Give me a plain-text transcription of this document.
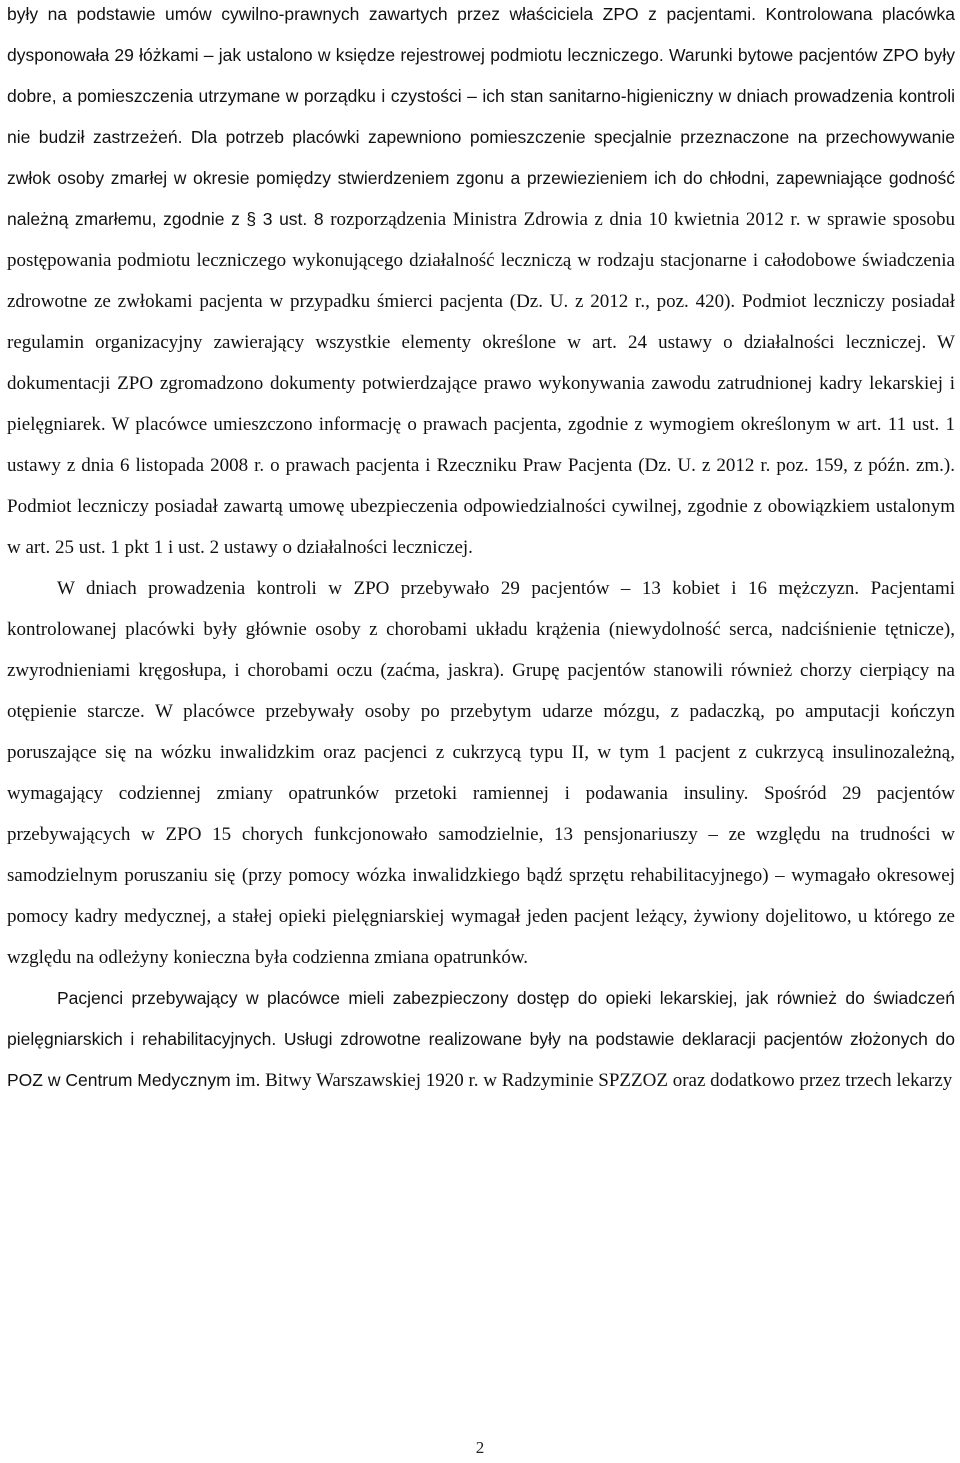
były na podstawie umów cywilno-prawnych zawartych przez właściciela ZPO z pacjentami. Kontrolowana placówka dysponowała 29 łóżkami – jak ustalono w księdze rejestrowej podmiotu leczniczego. Warunki bytowe pacjentów ZPO były dobre, a pomieszczenia utrzymane w porządku i czystości – ich stan sanitarno-higieniczny w dniach prowadzenia kontroli nie budził zastrzeżeń. Dla potrzeb placówki zapewniono pomieszczenie specjalnie przeznaczone na przechowywanie zwłok osoby zmarłej w okresie pomiędzy stwierdzeniem zgonu a przewiezieniem ich do chłodni, zapewniające godność należną zmarłemu, zgodnie z § 3 ust. 8 rozporządzenia Ministra Zdrowia z dnia 10 kwietnia 2012 r. w sprawie sposobu postępowania podmiotu leczniczego wykonującego działalność leczniczą w rodzaju stacjonarne i całodobowe świadczenia zdrowotne ze zwłokami pacjenta w przypadku śmierci pacjenta (Dz. U. z 2012 r., poz. 420). Podmiot leczniczy posiadał regulamin organizacyjny zawierający wszystkie elementy określone w art. 24 ustawy o działalności leczniczej. W dokumentacji ZPO zgromadzono dokumenty potwierdzające prawo wykonywania zawodu zatrudnionej kadry lekarskiej i pielęgniarek. W placówce umieszczono informację o prawach pacjenta, zgodnie z wymogiem określonym w art. 11 ust. 1 ustawy z dnia 6 listopada 2008 r. o prawach pacjenta i Rzeczniku Praw Pacjenta (Dz. U. z 2012 r. poz. 159, z późn. zm.). Podmiot leczniczy posiadał zawartą umowę ubezpieczenia odpowiedzialności cywilnej, zgodnie z obowiązkiem ustalonym w art. 25 ust. 1 pkt 1 i ust. 2 ustawy o działalności leczniczej.

W dniach prowadzenia kontroli w ZPO przebywało 29 pacjentów – 13 kobiet i 16 mężczyzn. Pacjentami kontrolowanej placówki były głównie osoby z chorobami układu krążenia (niewydolność serca, nadciśnienie tętnicze), zwyrodnieniami kręgosłupa, i chorobami oczu (zaćma, jaskra). Grupę pacjentów stanowili również chorzy cierpiący na otępienie starcze. W placówce przebywały osoby po przebytym udarze mózgu, z padaczką, po amputacji kończyn poruszające się na wózku inwalidzkim oraz pacjenci z cukrzycą typu II, w tym 1 pacjent z cukrzycą insulinozależną, wymagający codziennej zmiany opatrunków przetoki ramiennej i podawania insuliny. Spośród 29 pacjentów przebywających w ZPO 15 chorych funkcjonowało samodzielnie, 13 pensjonariuszy – ze względu na trudności w samodzielnym poruszaniu się (przy pomocy wózka inwalidzkiego bądź sprzętu rehabilitacyjnego) – wymagało okresowej pomocy kadry medycznej, a stałej opieki pielęgniarskiej wymagał jeden pacjent leżący, żywiony dojelitowo, u którego ze względu na odleżyny konieczna była codzienna zmiana opatrunków.

Pacjenci przebywający w placówce mieli zabezpieczony dostęp do opieki lekarskiej, jak również do świadczeń pielęgniarskich i rehabilitacyjnych. Usługi zdrowotne realizowane były na podstawie deklaracji pacjentów złożonych do POZ w Centrum Medycznym im. Bitwy Warszawskiej 1920 r. w Radzyminie SPZZOZ oraz dodatkowo przez trzech lekarzy

2
